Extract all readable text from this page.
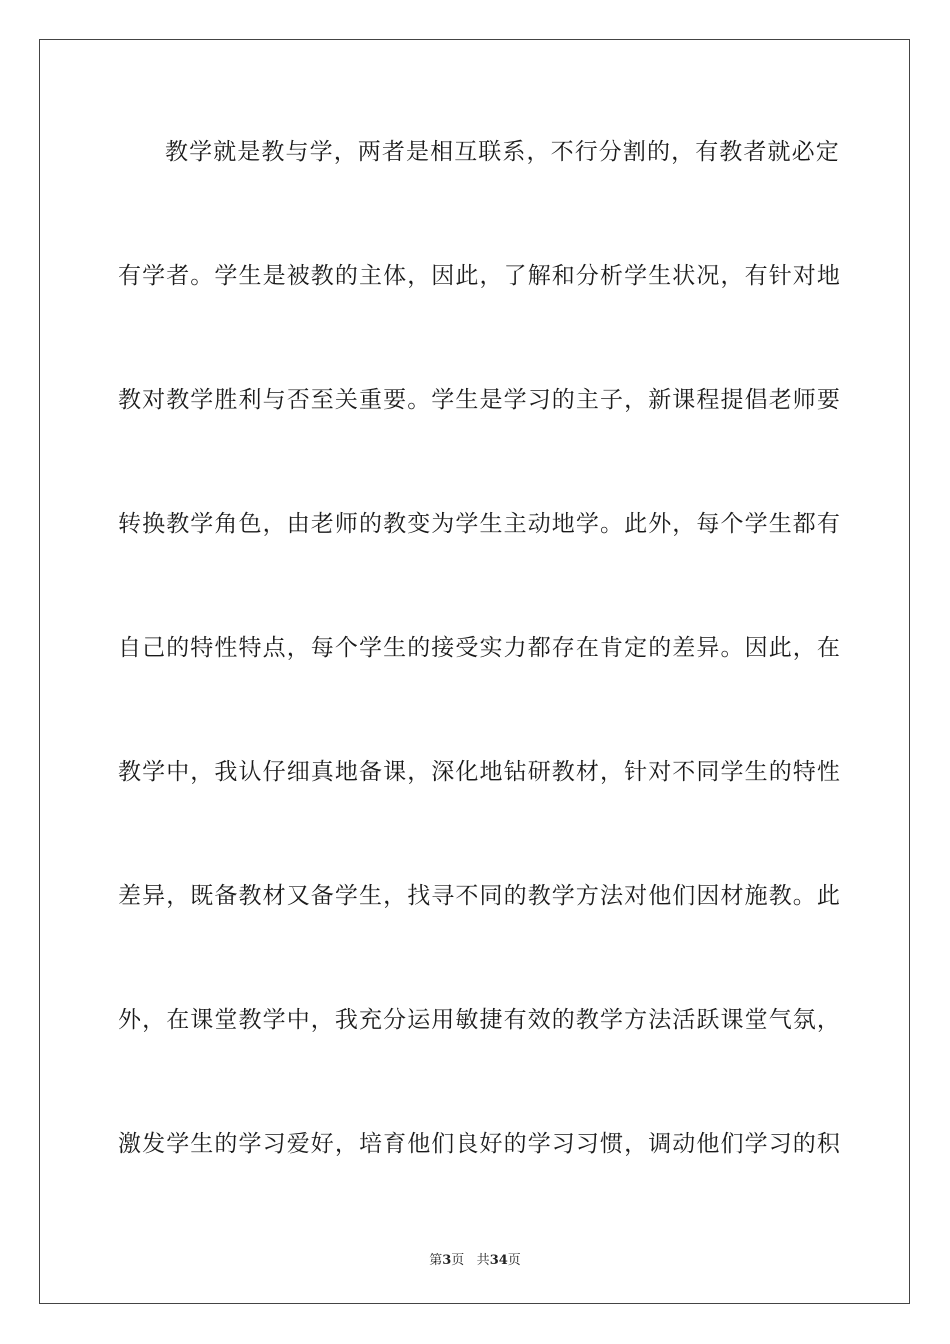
教学就是教与学，两者是相互联系，不行分割的，有教者就必定
有学者。学生是被教的主体，因此，了解和分析学生状况，有针对地
教对教学胜利与否至关重要。学生是学习的主子，新课程提倡老师要
转换教学角色，由老师的教变为学生主动地学。此外，每个学生都有
自己的特性特点，每个学生的接受实力都存在肯定的差异。因此，在
教学中，我认仔细真地备课，深化地钻研教材，针对不同学生的特性
差异，既备教材又备学生，找寻不同的教学方法对他们因材施教。此
外，在课堂教学中，我充分运用敏捷有效的教学方法活跃课堂气氛，
激发学生的学习爱好，培育他们良好的学习习惯，调动他们学习的积
第3页 共34页
